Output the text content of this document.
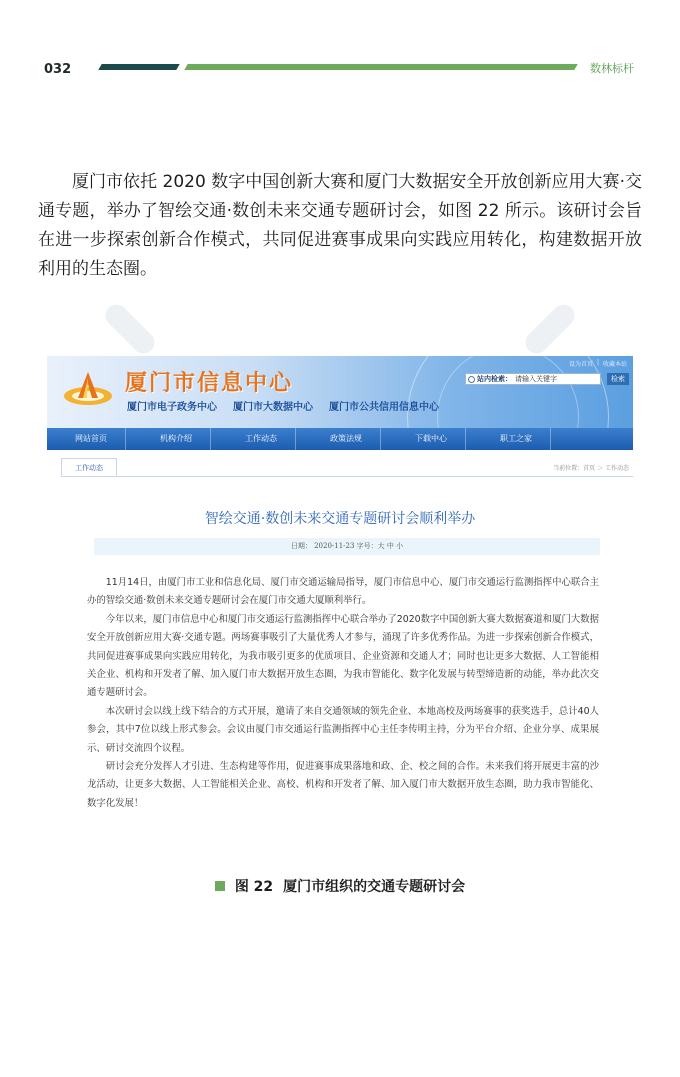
032	数林标杆

厦门市依托 2020 数字中国创新大赛和厦门大数据安全开放创新应用大赛·交通专题，举办了智绘交通·数创未来交通专题研讨会，如图 22 所示。该研讨会旨在进一步探索创新合作模式，共同促进赛事成果向实践应用转化，构建数据开放利用的生态圈。

厦门市信息中心
厦门市电子政务中心 厦门市大数据中心 厦门市公共信用信息中心
设为首页 | 收藏本站
站内检索： 请输入关键字	检索
网站首页	机构介绍	工作动态	政策法规	下载中心	职工之家
工作动态	当前位置：首页 ＞ 工作动态
智绘交通·数创未来交通专题研讨会顺利举办
日期： 2020-11-23 字号：大 中 小

11月14日，由厦门市工业和信息化局、厦门市交通运输局指导，厦门市信息中心、厦门市交通运行监测指挥中心联合主办的智绘交通·数创未来交通专题研讨会在厦门市交通大厦顺利举行。

今年以来，厦门市信息中心和厦门市交通运行监测指挥中心联合举办了2020数字中国创新大赛大数据赛道和厦门大数据安全开放创新应用大赛·交通专题。两场赛事吸引了大量优秀人才参与，涌现了许多优秀作品。为进一步探索创新合作模式，共同促进赛事成果向实践应用转化，为我市吸引更多的优质项目、企业资源和交通人才；同时也让更多大数据、人工智能相关企业、机构和开发者了解、加入厦门市大数据开放生态圈，为我市智能化、数字化发展与转型缔造新的动能，举办此次交通专题研讨会。

本次研讨会以线上线下结合的方式开展，邀请了来自交通领域的领先企业、本地高校及两场赛事的获奖选手，总计40人参会，其中7位以线上形式参会。会议由厦门市交通运行监测指挥中心主任李传明主持，分为平台介绍、企业分享、成果展示、研讨交流四个议程。

研讨会充分发挥人才引进、生态构建等作用，促进赛事成果落地和政、企、校之间的合作。未来我们将开展更丰富的沙龙活动，让更多大数据、人工智能相关企业、高校、机构和开发者了解、加入厦门市大数据开放生态圈，助力我市智能化、数字化发展！

图 22 厦门市组织的交通专题研讨会
